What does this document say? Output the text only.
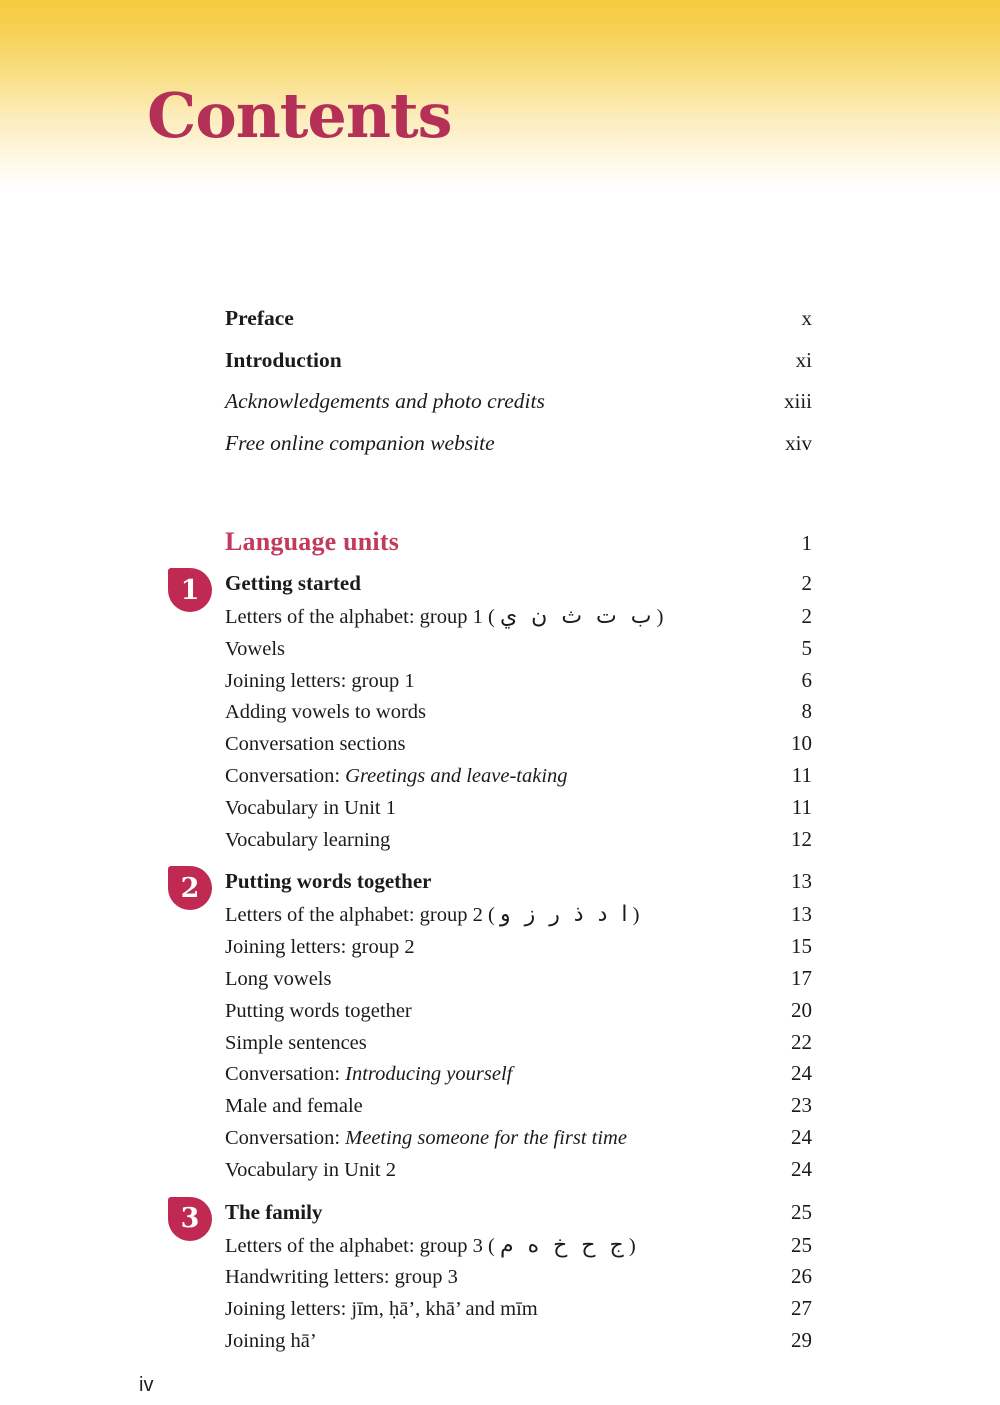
Contents
Preface	x
Introduction	xi
Acknowledgements and photo credits	xiii
Free online companion website	xiv
Language units	1
1	Getting started	2
Letters of the alphabet: group 1 ( ب ت ث ن ي )	2
Vowels	5
Joining letters: group 1	6
Adding vowels to words	8
Conversation sections	10
Conversation: Greetings and leave-taking	11
Vocabulary in Unit 1	11
Vocabulary learning	12
2	Putting words together	13
Letters of the alphabet: group 2 ( ا د ذ ر ز و )	13
Joining letters: group 2	15
Long vowels	17
Putting words together	20
Simple sentences	22
Conversation: Introducing yourself	24
Male and female	23
Conversation: Meeting someone for the first time	24
Vocabulary in Unit 2	24
3	The family	25
Letters of the alphabet: group 3 ( ج ح خ ه م )	25
Handwriting letters: group 3	26
Joining letters: jīm, ḥā’, khā’ and mīm	27
Joining hā’	29
iv
